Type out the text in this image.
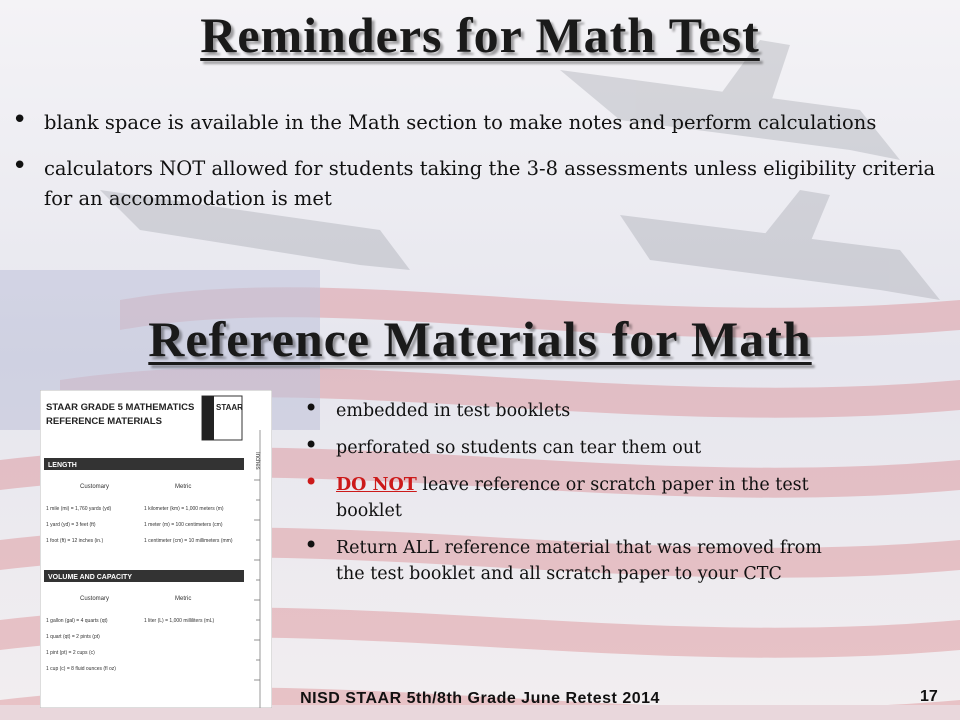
Reminders for Math Test
• blank space is available in the Math section to make notes and perform calculations
• calculators NOT allowed for students taking the 3-8 assessments unless eligibility criteria for an accommodation is met
Reference Materials for Math
STAAR GRADE 5 MATHEMATICS
REFERENCE MATERIALS
STAAR
Inches
LENGTH
Customary	Metric
1 mile (mi) = 1,760 yards (yd)	1 kilometer (km) = 1,000 meters (m)
1 yard (yd) = 3 feet (ft)	1 meter (m) = 100 centimeters (cm)
1 foot (ft) = 12 inches (in.)	1 centimeter (cm) = 10 millimeters (mm)
VOLUME AND CAPACITY
Customary	Metric
1 gallon (gal) = 4 quarts (qt)	1 liter (L) = 1,000 milliliters (mL)
1 quart (qt) = 2 pints (pt)
1 pint (pt) = 2 cups (c)
1 cup (c) = 8 fluid ounces (fl oz)
• embedded in test booklets
• perforated so students can tear them out
• DO NOT leave reference or scratch paper in the test booklet
• Return ALL reference material that was removed from the test booklet and all scratch paper to your CTC
NISD STAAR 5th/8th Grade June Retest 2014	17
